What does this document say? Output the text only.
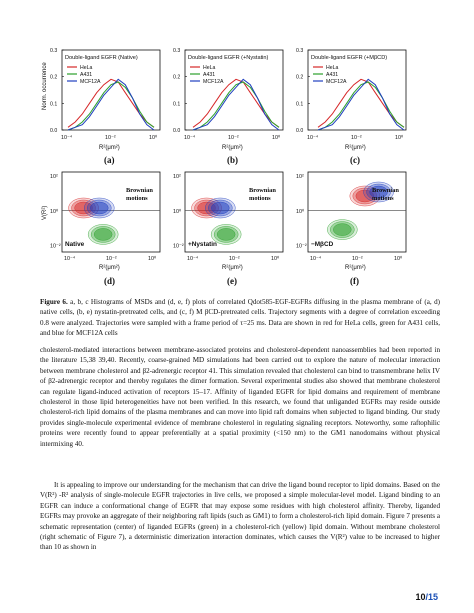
Double-ligand EGFR (Native)
HeLa
A431
MCF12A
0.3
0.2
0.1
0.0
10⁻⁴	10⁻²	10⁰
R²(μm²)
Norm. occurrence
(a)
Double-ligand EGFR (+Nystatin)
HeLa
A431
MCF12A
0.3
0.2
0.1
0.0
10⁻⁴	10⁻²	10⁰
R²(μm²)
(b)
Double-ligand EGFR (+MβCD)
HeLa
A431
MCF12A
0.3
0.2
0.1
0.0
10⁻⁴	10⁻²	10⁰
R²(μm²)
(c)
Brownian
motions
Native
10²
10⁰
10⁻²
10⁻⁴	10⁻²	10⁰
R²(μm²)
V(R²)
(d)
Brownian
motions
+Nystatin
10²
10⁰
10⁻²
10⁻⁴	10⁻²	10⁰
R²(μm²)
(e)
Brownian
motions
−MβCD
10²
10⁰
10⁻²
10⁻⁴	10⁻²	10⁰
R²(μm²)
(f)
Figure 6. a, b, c Histograms of MSDs and (d, e, f) plots of correlated Qdot585-EGF-EGFRs diffusing in the plasma membrane of (a, d) native cells, (b, e) nystatin-pretreated cells, and (c, f) M βCD-pretreated cells. Trajectory segments with a degree of correlation exceeding 0.8 were analyzed. Trajectories were sampled with a frame period of τ=25 ms. Data are shown in red for HeLa cells, green for A431 cells, and blue for MCF12A cells

cholesterol-mediated interactions between membrane-associated proteins and cholesterol-dependent nanoassemblies had been reported in the literature 15,38 39,40. Recently, coarse-grained MD simulations had been carried out to explore the nature of molecular interaction between membrane cholesterol and β2-adrenergic receptor 41. This simulation revealed that cholesterol can bind to transmembrane helix IV of β2-adrenergic receptor and thereby regulates the dimer formation. Several experimental studies also showed that membrane cholesterol can regulate ligand-induced activation of receptors 15–17. Affinity of liganded EGFR for lipid domains and requirement of membrane cholesterol in those lipid heterogeneities have not been verified. In this research, we found that unliganded EGFRs may reside outside cholesterol-rich lipid domains of the plasma membranes and can move into lipid raft domains when subjected to ligand binding. Our study provides single-molecule experimental evidence of membrane cholesterol in regulating signaling receptors. Noteworthy, some raftophilic proteins were recently found to appear preferentially at a spatial proximity (<150 nm) to the GM1 nanodomains without physical intermixing 40.

It is appealing to improve our understanding for the mechanism that can drive the ligand bound receptor to lipid domains. Based on the V(R²) -R² analysis of single-molecule EGFR trajectories in live cells, we proposed a simple molecular-level model. Ligand binding to an EGFR can induce a conformational change of EGFR that may expose some residues with high cholesterol affinity. Thereby, liganded EGFRs may provoke an aggregate of their neighboring raft lipids (such as GM1) to form a cholesterol-rich lipid domain. Figure 7 presents a schematic representation (center) of liganded EGFRs (green) in a cholesterol-rich (yellow) lipid domain. Without membrane cholesterol (right schematic of Figure 7), a deterministic dimerization interaction dominates, which causes the V(R²) value to be increased to higher than 10 as shown in

10/15
